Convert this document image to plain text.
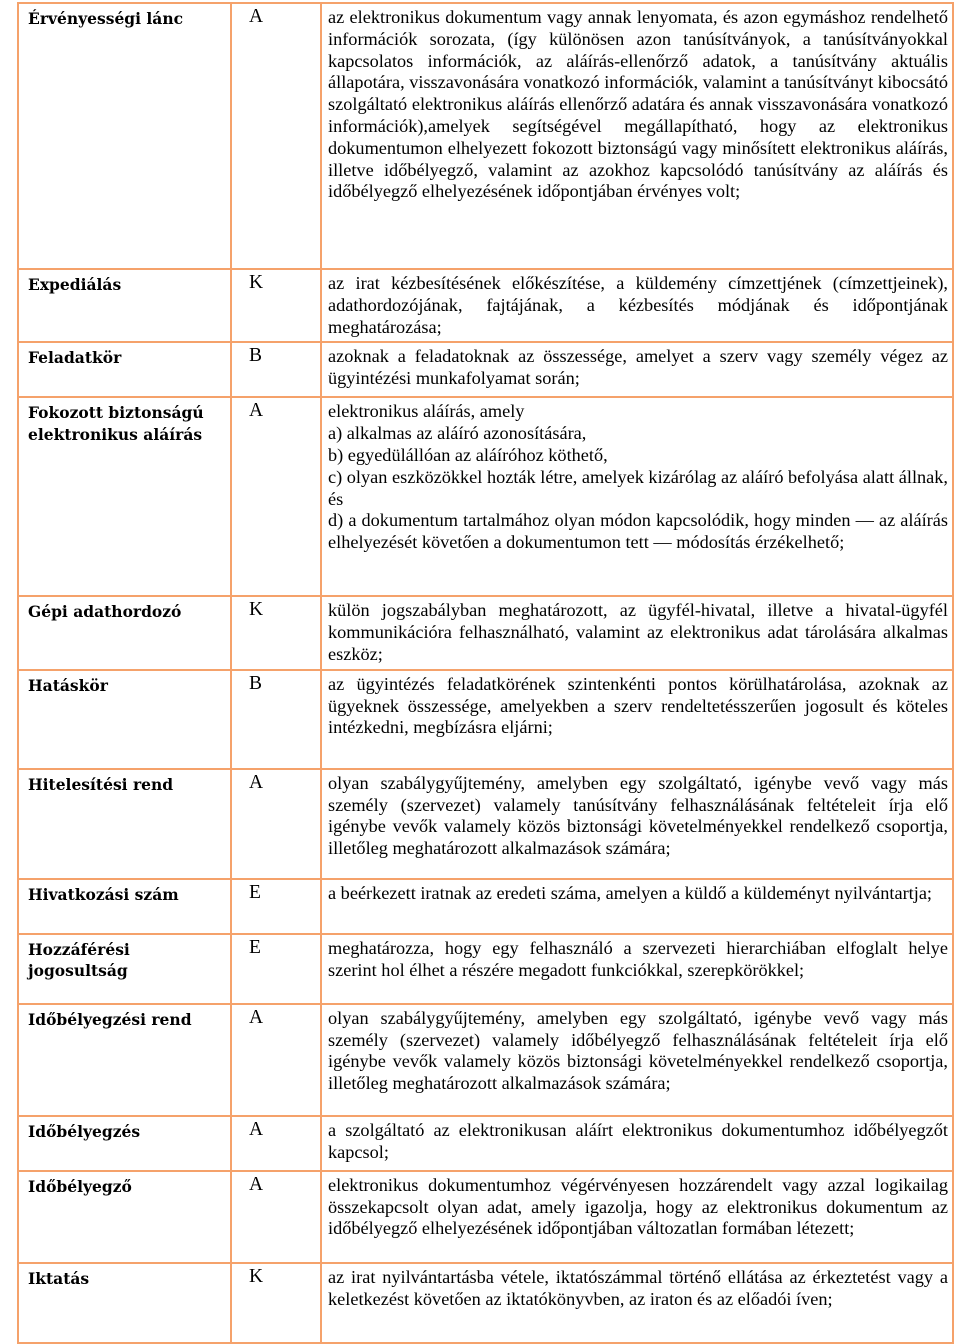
Érvényességi lánc	A	az elektronikus dokumentum vagy annak lenyomata, és azon egymáshoz rendelhető információk sorozata, (így különösen azon tanúsítványok, a tanúsítványokkal kapcsolatos információk, az aláírás-ellenőrző adatok, a tanúsítvány aktuális állapotára, visszavonására vonatkozó információk, valamint a tanúsítványt kibocsátó szolgáltató elektronikus aláírás ellenőrző adatára és annak visszavonására vonatkozó információk),amelyek segítségével megállapítható, hogy az elektronikus dokumentumon elhelyezett fokozott biztonságú vagy minősített elektronikus aláírás, illetve időbélyegző, valamint az azokhoz kapcsolódó tanúsítvány az aláírás és időbélyegző elhelyezésének időpontjában érvényes volt;
Expediálás	K	az irat kézbesítésének előkészítése, a küldemény címzettjének (címzettjeinek), adathordozójának, fajtájának, a kézbesítés módjának és időpontjának meghatározása;
Feladatkör	B	azoknak a feladatoknak az összessége, amelyet a szerv vagy személy végez az ügyintézési munkafolyamat során;
Fokozott biztonságú elektronikus aláírás	A	elektronikus aláírás, amely
a) alkalmas az aláíró azonosítására,
b) egyedülállóan az aláíróhoz köthető,
c) olyan eszközökkel hozták létre, amelyek kizárólag az aláíró befolyása alatt állnak, és
d) a dokumentum tartalmához olyan módon kapcsolódik, hogy minden ― az aláírás elhelyezését követően a dokumentumon tett ― módosítás érzékelhető;

Gépi adathordozó	K	külön jogszabályban meghatározott, az ügyfél-hivatal, illetve a hivatal-ügyfél kommunikációra felhasználható, valamint az elektronikus adat tárolására alkalmas eszköz;
Hatáskör	B	az ügyintézés feladatkörének szintenkénti pontos körülhatárolása, azoknak az ügyeknek összessége, amelyekben a szerv rendeltetésszerűen jogosult és köteles intézkedni, megbízásra eljárni;
Hitelesítési rend	A	olyan szabálygyűjtemény, amelyben egy szolgáltató, igénybe vevő vagy más személy (szervezet) valamely tanúsítvány felhasználásának feltételeit írja elő igénybe vevők valamely közös biztonsági követelményekkel rendelkező csoportja, illetőleg meghatározott alkalmazások számára;
Hivatkozási szám	E	a beérkezett iratnak az eredeti száma, amelyen a küldő a küldeményt nyilvántartja;
Hozzáférési jogosultság	E	meghatározza, hogy egy felhasználó a szervezeti hierarchiában elfoglalt helye szerint hol élhet a részére megadott funkciókkal, szerepkörökkel;
Időbélyegzési rend	A	olyan szabálygyűjtemény, amelyben egy szolgáltató, igénybe vevő vagy más személy (szervezet) valamely időbélyegző felhasználásának feltételeit írja elő igénybe vevők valamely közös biztonsági követelményekkel rendelkező csoportja, illetőleg meghatározott alkalmazások számára;
Időbélyegzés	A	a szolgáltató az elektronikusan aláírt elektronikus dokumentumhoz időbélyegzőt kapcsol;
Időbélyegző	A	elektronikus dokumentumhoz végérvényesen hozzárendelt vagy azzal logikailag összekapcsolt olyan adat, amely igazolja, hogy az elektronikus dokumentum az időbélyegző elhelyezésének időpontjában változatlan formában létezett;
Iktatás	K	az irat nyilvántartásba vétele, iktatószámmal történő ellátása az érkeztetést vagy a keletkezést követően az iktatókönyvben, az iraton és az előadói íven;
